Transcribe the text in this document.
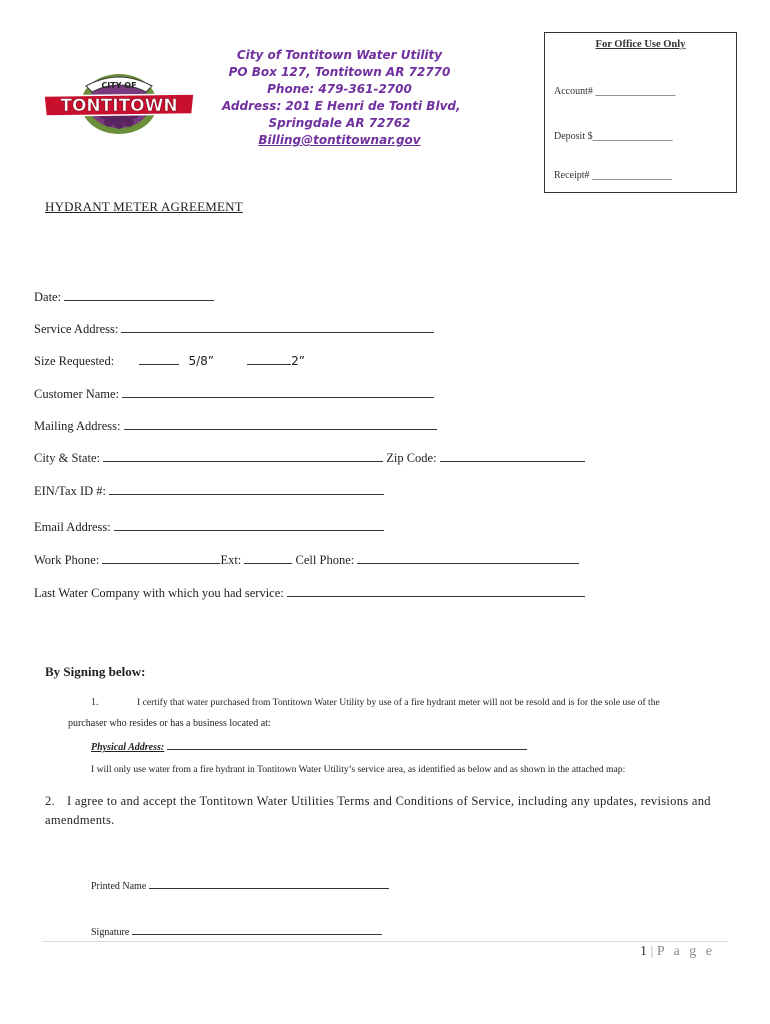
CITY OF
TONTITOWN
City of Tontitown Water Utility
PO Box 127, Tontitown AR 72770
Phone: 479-361-2700
Address: 201 E Henri de Tonti Blvd,
Springdale AR 72762
Billing@tontitownar.gov
For Office Use Only
Account# ________________
Deposit $________________
Receipt# ________________
HYDRANT METER AGREEMENT
Date:
Service Address:
Size Requested:	5/8”	2”
Customer Name:
Mailing Address:
City & State:	Zip Code:
EIN/Tax ID #:
Email Address:
Work Phone:	Ext:	Cell Phone:
Last Water Company with which you had service:
By Signing below:
1.	I certify that water purchased from Tontitown Water Utility by use of a fire hydrant meter will not be resold and is for the sole use of the
purchaser who resides or has a business located at:
Physical Address:
I will only use water from a fire hydrant in Tontitown Water Utility’s service area, as identified as below and as shown in the attached map:
2. I agree to and accept the Tontitown Water Utilities Terms and Conditions of Service, including any updates, revisions and amendments.
Printed Name
Signature
1 | P a g e
